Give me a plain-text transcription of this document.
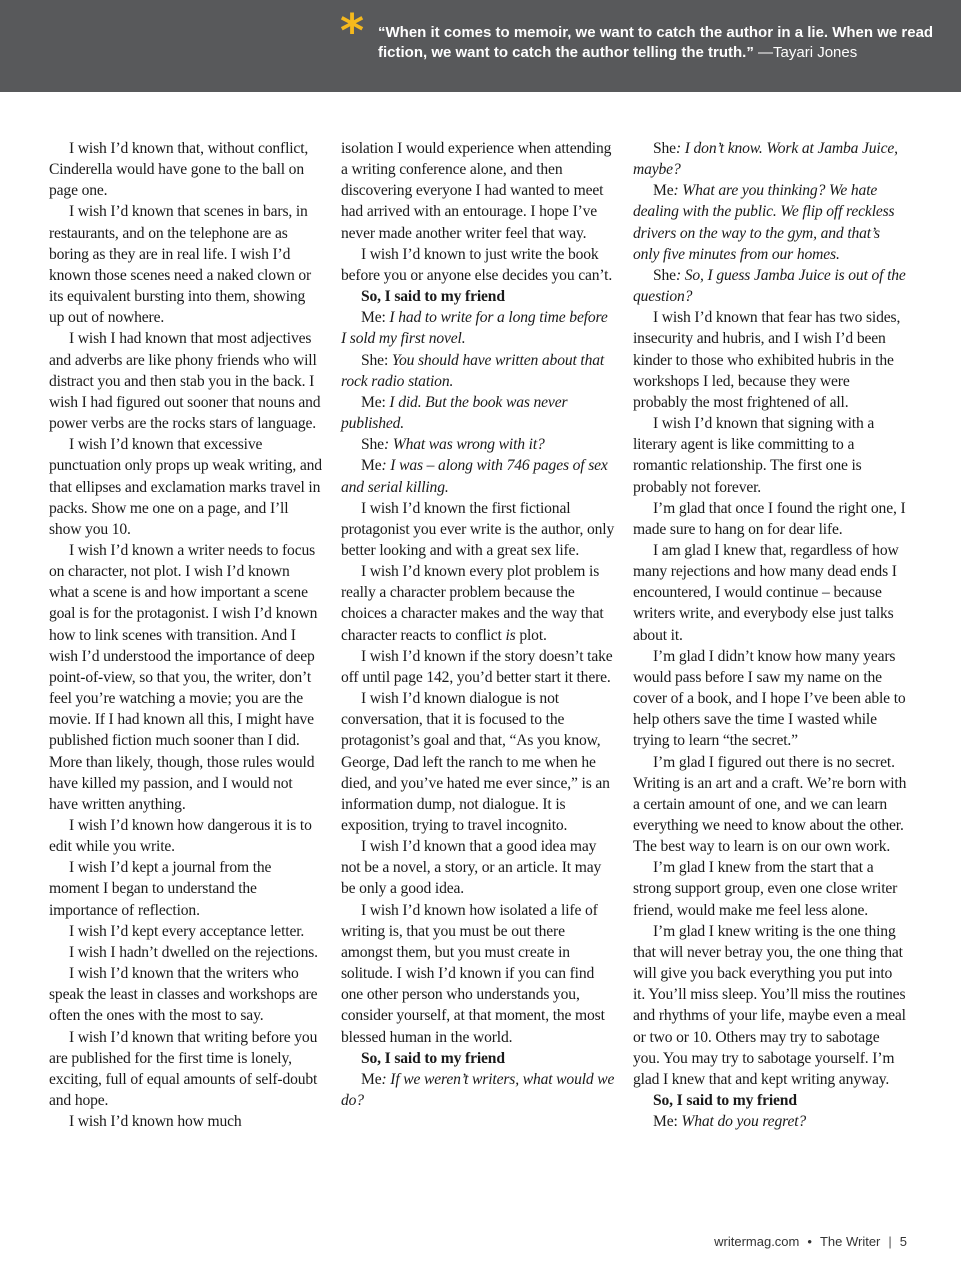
* “When it comes to memoir, we want to catch the author in a lie. When we read fiction, we want to catch the author telling the truth.” —Tayari Jones

I wish I’d known that, without conflict, Cinderella would have gone to the ball on page one.

I wish I’d known that scenes in bars, in restaurants, and on the telephone are as boring as they are in real life. I wish I’d known those scenes need a naked clown or its equivalent bursting into them, showing up out of nowhere.

I wish I had known that most adjectives and adverbs are like phony friends who will distract you and then stab you in the back. I wish I had figured out sooner that nouns and power verbs are the rocks stars of language.

I wish I’d known that excessive punctuation only props up weak writing, and that ellipses and exclamation marks travel in packs. Show me one on a page, and I’ll show you 10.

I wish I’d known a writer needs to focus on character, not plot. I wish I’d known what a scene is and how important a scene goal is for the protagonist. I wish I’d known how to link scenes with transition. And I wish I’d understood the importance of deep point-of-view, so that you, the writer, don’t feel you’re watching a movie; you are the movie. If I had known all this, I might have published fiction much sooner than I did. More than likely, though, those rules would have killed my passion, and I would not have written anything.

I wish I’d known how dangerous it is to edit while you write.

I wish I’d kept a journal from the moment I began to understand the importance of reflection.

I wish I’d kept every acceptance letter.

I wish I hadn’t dwelled on the rejections.

I wish I’d known that the writers who speak the least in classes and workshops are often the ones with the most to say.

I wish I’d known that writing before you are published for the first time is lonely, exciting, full of equal amounts of self-doubt and hope.

I wish I’d known how much

isolation I would experience when attending a writing conference alone, and then discovering everyone I had wanted to meet had arrived with an entourage. I hope I’ve never made another writer feel that way.

I wish I’d known to just write the book before you or anyone else decides you can’t.

So, I said to my friend

Me: I had to write for a long time before I sold my first novel.

She: You should have written about that rock radio station.

Me: I did. But the book was never published.

She: What was wrong with it?

Me: I was – along with 746 pages of sex and serial killing.

I wish I’d known the first fictional protagonist you ever write is the author, only better looking and with a great sex life.

I wish I’d known every plot problem is really a character problem because the choices a character makes and the way that character reacts to conflict is plot.

I wish I’d known if the story doesn’t take off until page 142, you’d better start it there.

I wish I’d known dialogue is not conversation, that it is focused to the protagonist’s goal and that, “As you know, George, Dad left the ranch to me when he died, and you’ve hated me ever since,” is an information dump, not dialogue. It is exposition, trying to travel incognito.

I wish I’d known that a good idea may not be a novel, a story, or an article. It may be only a good idea.

I wish I’d known how isolated a life of writing is, that you must be out there amongst them, but you must create in solitude. I wish I’d known if you can find one other person who understands you, consider yourself, at that moment, the most blessed human in the world.

So, I said to my friend

Me: If we weren’t writers, what would we do?

She: I don’t know. Work at Jamba Juice, maybe?

Me: What are you thinking? We hate dealing with the public. We flip off reckless drivers on the way to the gym, and that’s only five minutes from our homes.

She: So, I guess Jamba Juice is out of the question?

I wish I’d known that fear has two sides, insecurity and hubris, and I wish I’d been kinder to those who exhibited hubris in the workshops I led, because they were probably the most frightened of all.

I wish I’d known that signing with a literary agent is like committing to a romantic relationship. The first one is probably not forever.

I’m glad that once I found the right one, I made sure to hang on for dear life.

I am glad I knew that, regardless of how many rejections and how many dead ends I encountered, I would continue – because writers write, and everybody else just talks about it.

I’m glad I didn’t know how many years would pass before I saw my name on the cover of a book, and I hope I’ve been able to help others save the time I wasted while trying to learn “the secret.”

I’m glad I figured out there is no secret. Writing is an art and a craft. We’re born with a certain amount of one, and we can learn everything we need to know about the other. The best way to learn is on our own work.

I’m glad I knew from the start that a strong support group, even one close writer friend, would make me feel less alone.

I’m glad I knew writing is the one thing that will never betray you, the one thing that will give you back everything you put into it. You’ll miss sleep. You’ll miss the routines and rhythms of your life, maybe even a meal or two or 10. Others may try to sabotage you. You may try to sabotage yourself. I’m glad I knew that and kept writing anyway.

So, I said to my friend

Me: What do you regret?

writermag.com • The Writer | 5
